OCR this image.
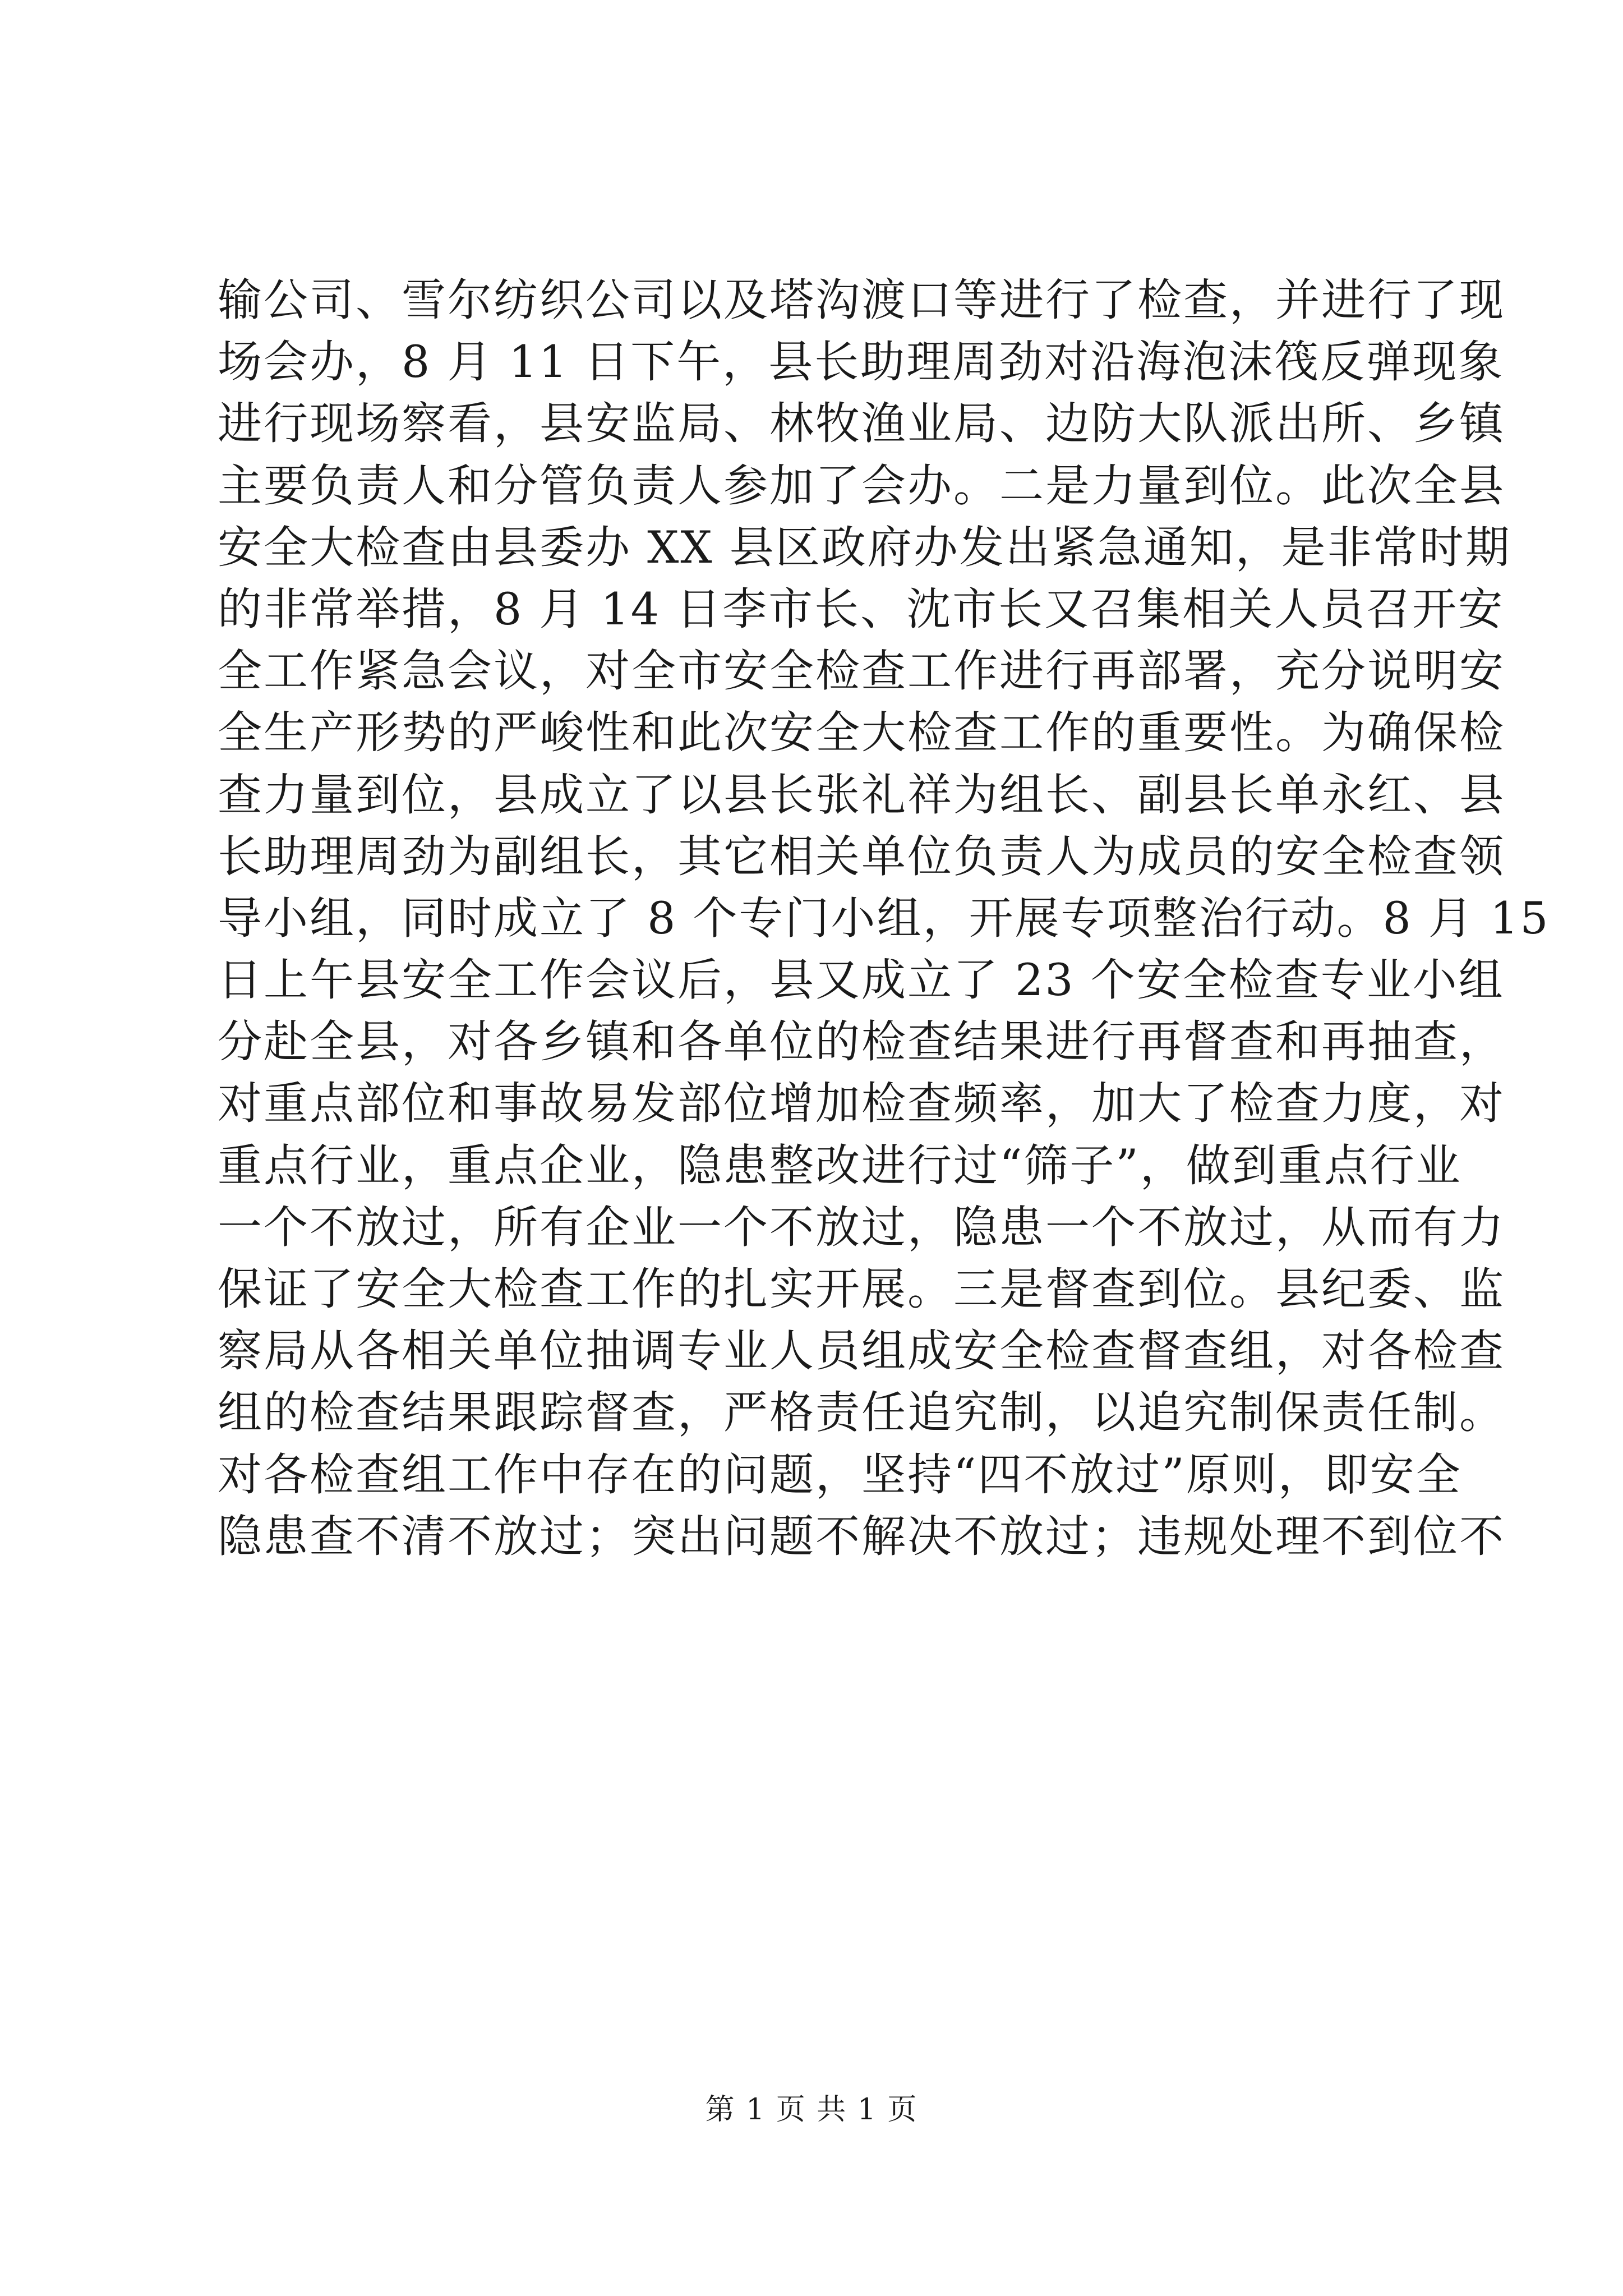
输公司、雪尔纺织公司以及塔沟渡口等进行了检查，并进行了现
场会办，8 月 11 日下午，县长助理周劲对沿海泡沫筏反弹现象
进行现场察看，县安监局、林牧渔业局、边防大队派出所、乡镇
主要负责人和分管负责人参加了会办。二是力量到位。此次全县
安全大检查由县委办 XX 县区政府办发出紧急通知，是非常时期
的非常举措，8 月 14 日李市长、沈市长又召集相关人员召开安
全工作紧急会议，对全市安全检查工作进行再部署，充分说明安
全生产形势的严峻性和此次安全大检查工作的重要性。为确保检
查力量到位，县成立了以县长张礼祥为组长、副县长单永红、县
长助理周劲为副组长，其它相关单位负责人为成员的安全检查领
导小组，同时成立了 8 个专门小组，开展专项整治行动。8 月 15
日上午县安全工作会议后，县又成立了 23 个安全检查专业小组
分赴全县，对各乡镇和各单位的检查结果进行再督查和再抽查，
对重点部位和事故易发部位增加检查频率，加大了检查力度，对
重点行业，重点企业，隐患整改进行过“筛子”，做到重点行业
一个不放过，所有企业一个不放过，隐患一个不放过，从而有力
保证了安全大检查工作的扎实开展。三是督查到位。县纪委、监
察局从各相关单位抽调专业人员组成安全检查督查组，对各检查
组的检查结果跟踪督查，严格责任追究制，以追究制保责任制。
对各检查组工作中存在的问题，坚持“四不放过”原则，即安全
隐患查不清不放过；突出问题不解决不放过；违规处理不到位不
第 1 页 共 1 页
